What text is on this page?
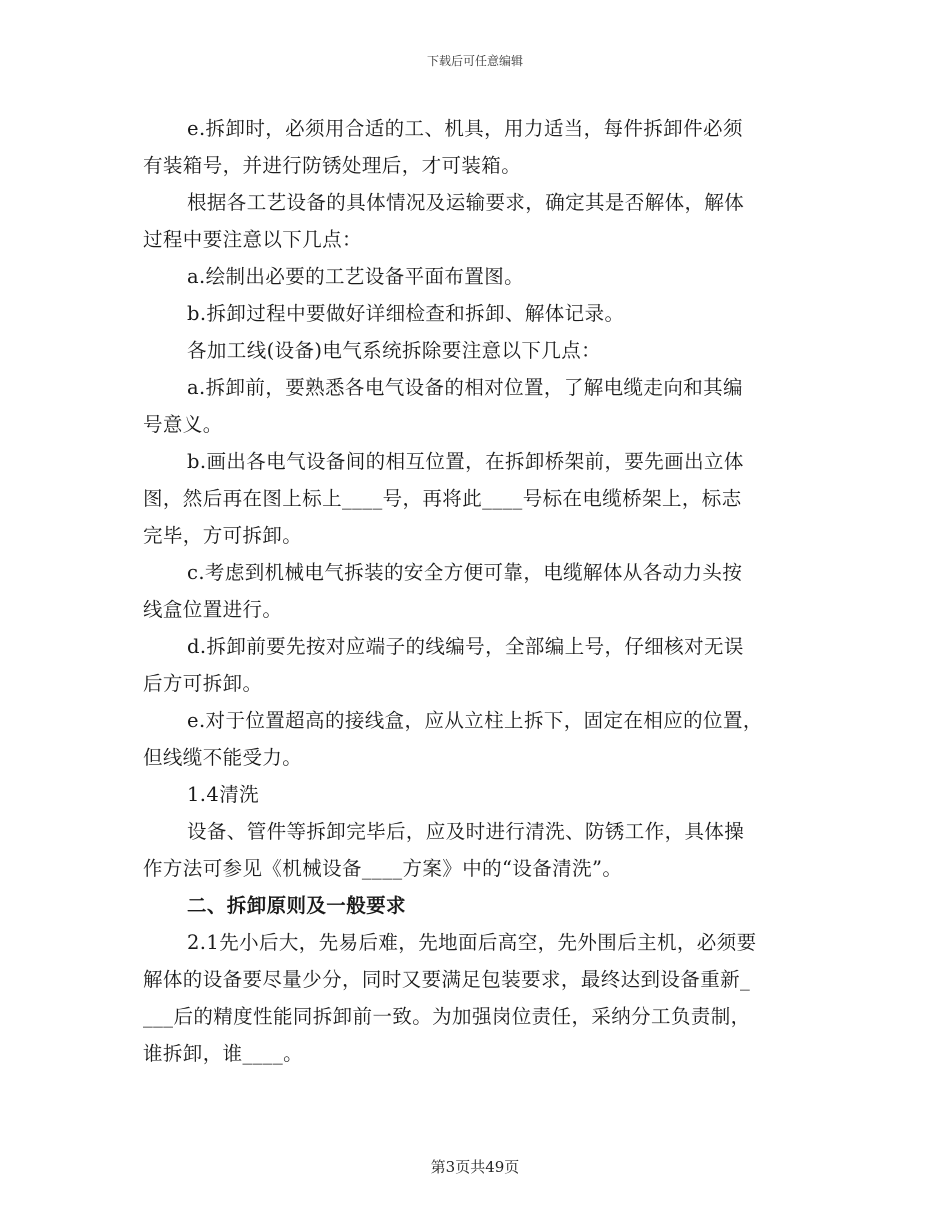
下载后可任意编辑
e.拆卸时，必须用合适的工、机具，用力适当，每件拆卸件必须
有装箱号，并进行防锈处理后，才可装箱。
根据各工艺设备的具体情况及运输要求，确定其是否解体，解体
过程中要注意以下几点：
a.绘制出必要的工艺设备平面布置图。
b.拆卸过程中要做好详细检查和拆卸、解体记录。
各加工线(设备)电气系统拆除要注意以下几点：
a.拆卸前，要熟悉各电气设备的相对位置，了解电缆走向和其编
号意义。
b.画出各电气设备间的相互位置，在拆卸桥架前，要先画出立体
图，然后再在图上标上____号，再将此____号标在电缆桥架上，标志
完毕，方可拆卸。
c.考虑到机械电气拆装的安全方便可靠，电缆解体从各动力头按
线盒位置进行。
d.拆卸前要先按对应端子的线编号，全部编上号，仔细核对无误
后方可拆卸。
e.对于位置超高的接线盒，应从立柱上拆下，固定在相应的位置，
但线缆不能受力。
1.4清洗
设备、管件等拆卸完毕后，应及时进行清洗、防锈工作，具体操
作方法可参见《机械设备____方案》中的“设备清洗”。
二、拆卸原则及一般要求
2.1先小后大，先易后难，先地面后高空，先外围后主机，必须要
解体的设备要尽量少分，同时又要满足包装要求，最终达到设备重新_
___后的精度性能同拆卸前一致。为加强岗位责任，采纳分工负责制，
谁拆卸，谁____。
第3页共49页
